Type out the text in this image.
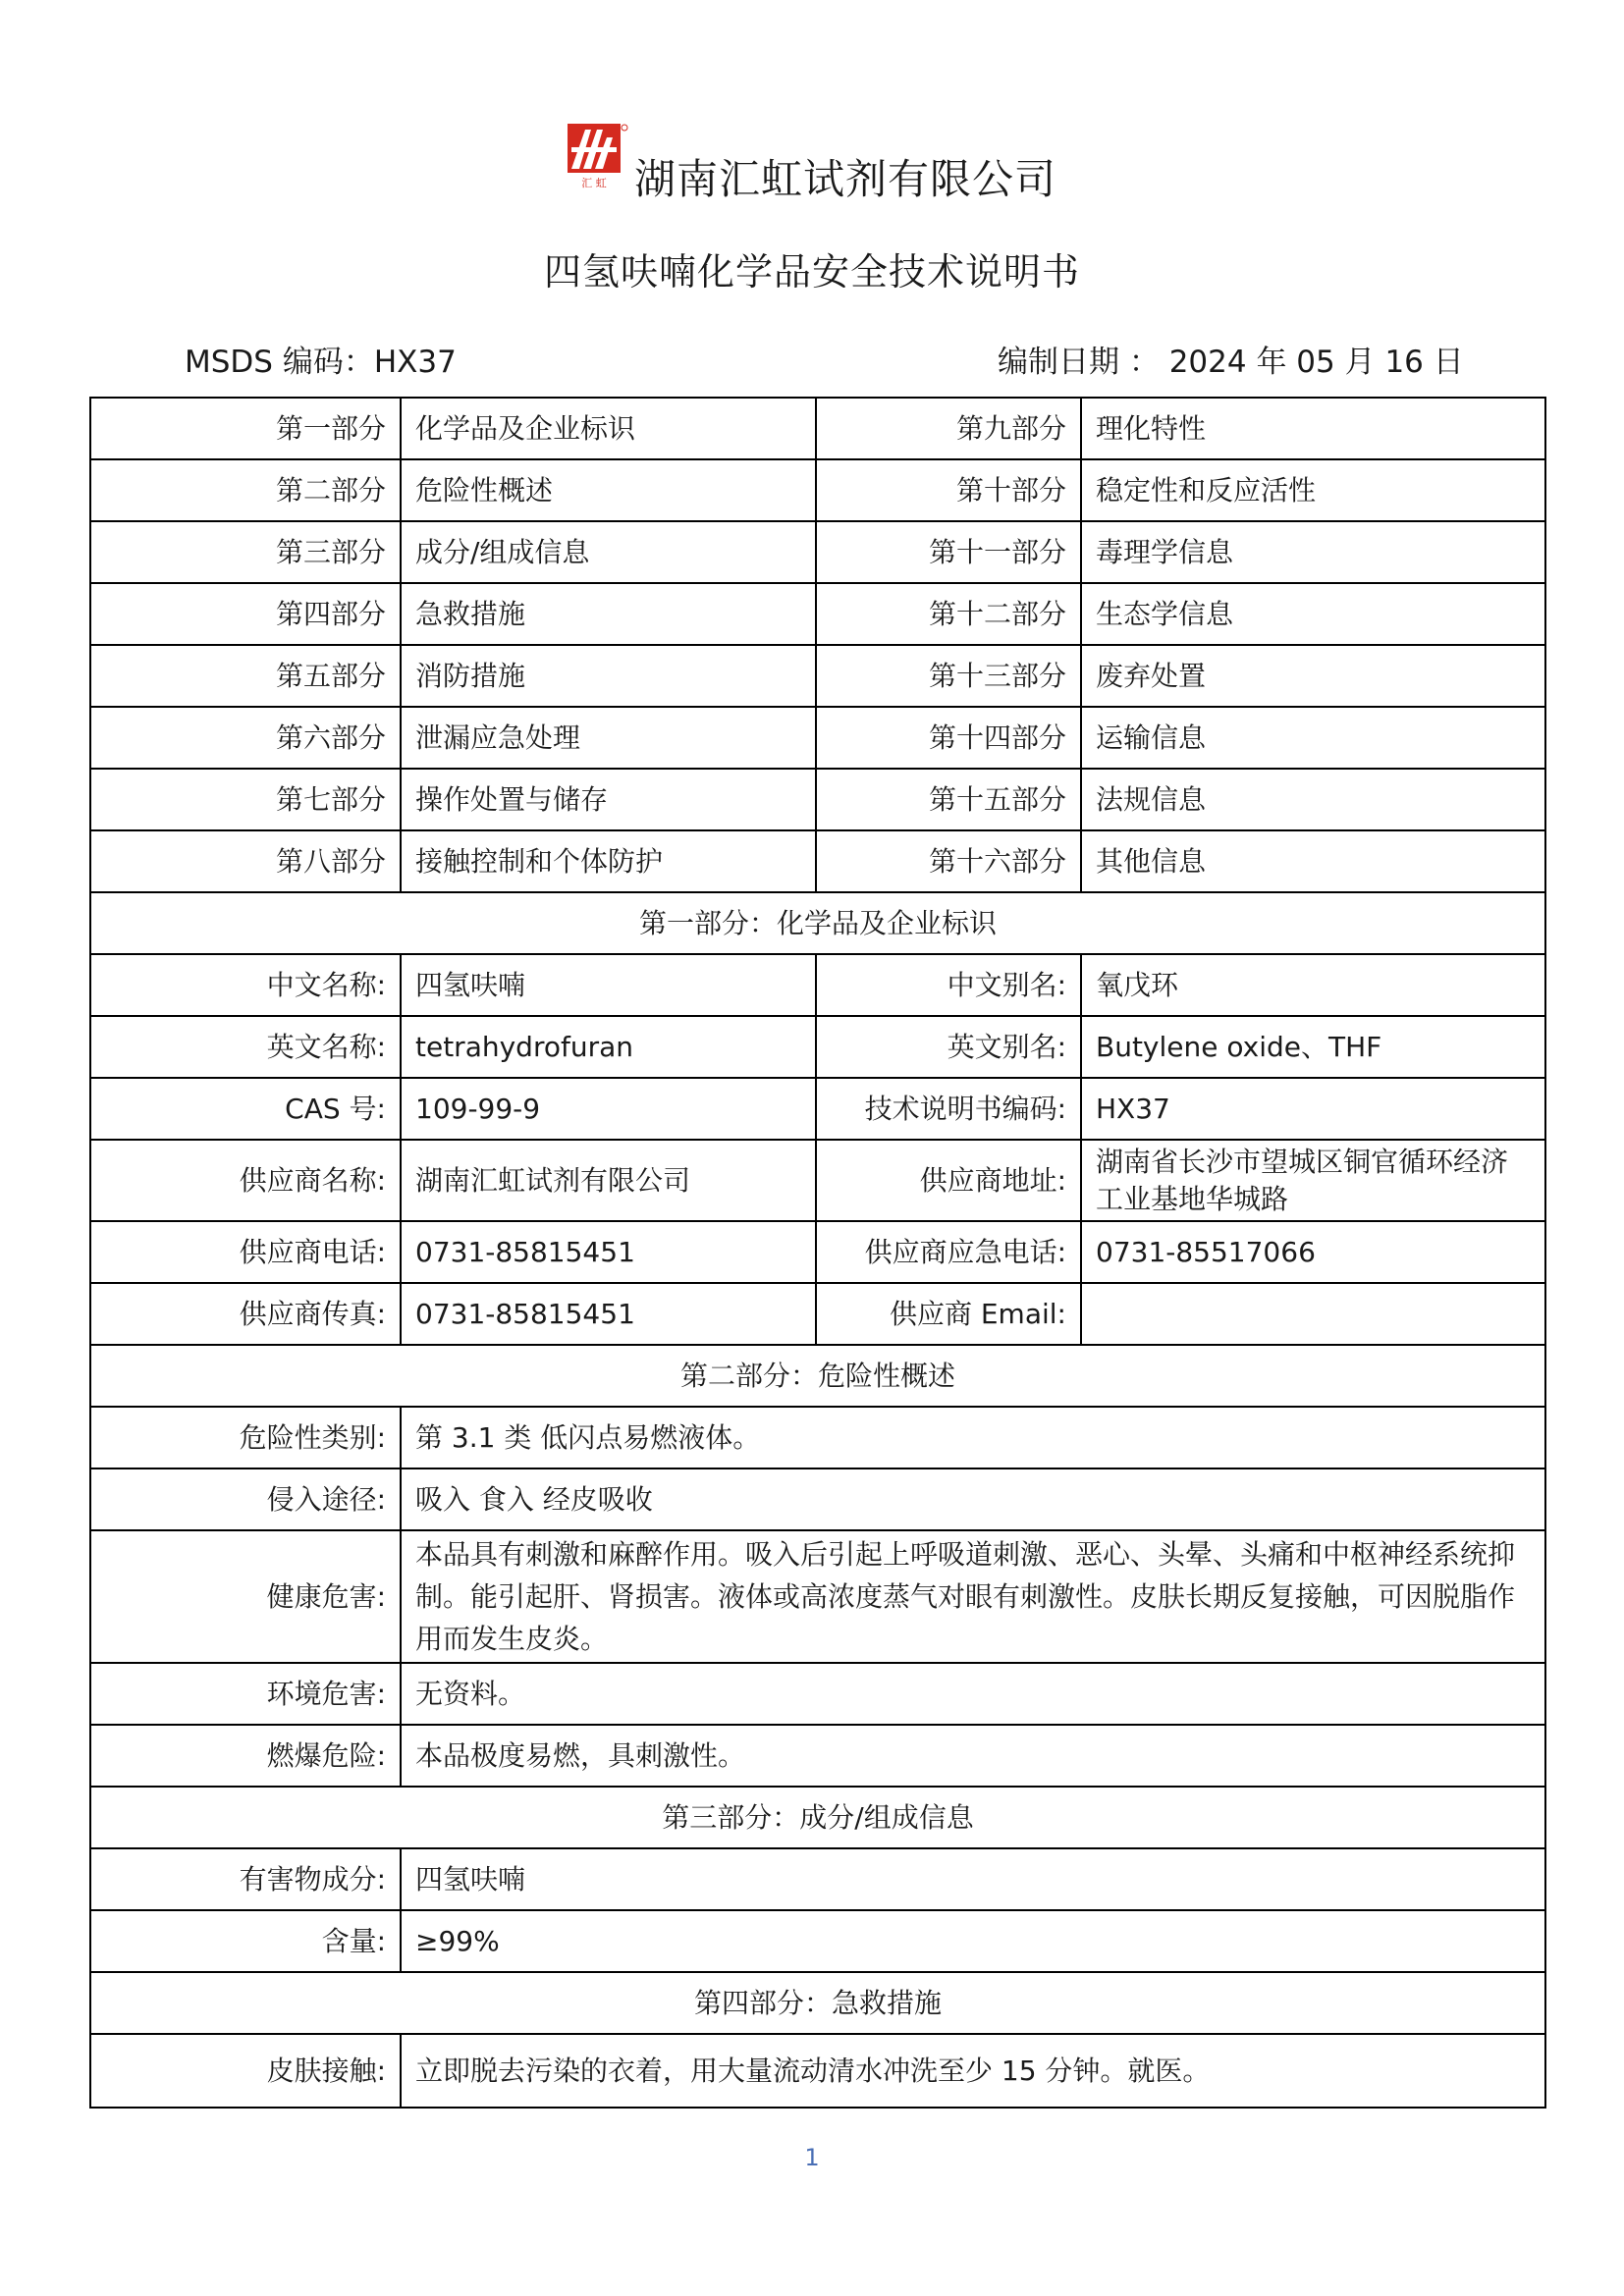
汇 虹 湖南汇虹试剂有限公司
四氢呋喃化学品安全技术说明书
MSDS 编码：HX37	编制日期 ： 2024 年 05 月 16 日
第一部分	化学品及企业标识	第九部分	理化特性
第二部分	危险性概述	第十部分	稳定性和反应活性
第三部分	成分/组成信息	第十一部分	毒理学信息
第四部分	急救措施	第十二部分	生态学信息
第五部分	消防措施	第十三部分	废弃处置
第六部分	泄漏应急处理	第十四部分	运输信息
第七部分	操作处置与储存	第十五部分	法规信息
第八部分	接触控制和个体防护	第十六部分	其他信息
第一部分：化学品及企业标识			
中文名称:	四氢呋喃	中文别名:	氧戊环
英文名称:	tetrahydrofuran	英文别名:	Butylene oxide、THF
CAS 号:	109-99-9	技术说明书编码:	HX37
供应商名称:	湖南汇虹试剂有限公司	供应商地址:	湖南省长沙市望城区铜官循环经济工业基地华城路
供应商电话:	0731-85815451	供应商应急电话:	0731-85517066
供应商传真:	0731-85815451	供应商 Email:	
第二部分：危险性概述			
危险性类别:	第 3.1 类 低闪点易燃液体。		
侵入途径:	吸入 食入 经皮吸收		
健康危害:	本品具有刺激和麻醉作用。吸入后引起上呼吸道刺激、恶心、头晕、头痛和中枢神经系统抑制。能引起肝、肾损害。液体或高浓度蒸气对眼有刺激性。皮肤长期反复接触，可因脱脂作用而发生皮炎。		
环境危害:	无资料。		
燃爆危险:	本品极度易燃，具刺激性。		
第三部分：成分/组成信息			
有害物成分:	四氢呋喃		
含量:	≥99%		
第四部分：急救措施			
皮肤接触:	立即脱去污染的衣着，用大量流动清水冲洗至少 15 分钟。就医。		
1
